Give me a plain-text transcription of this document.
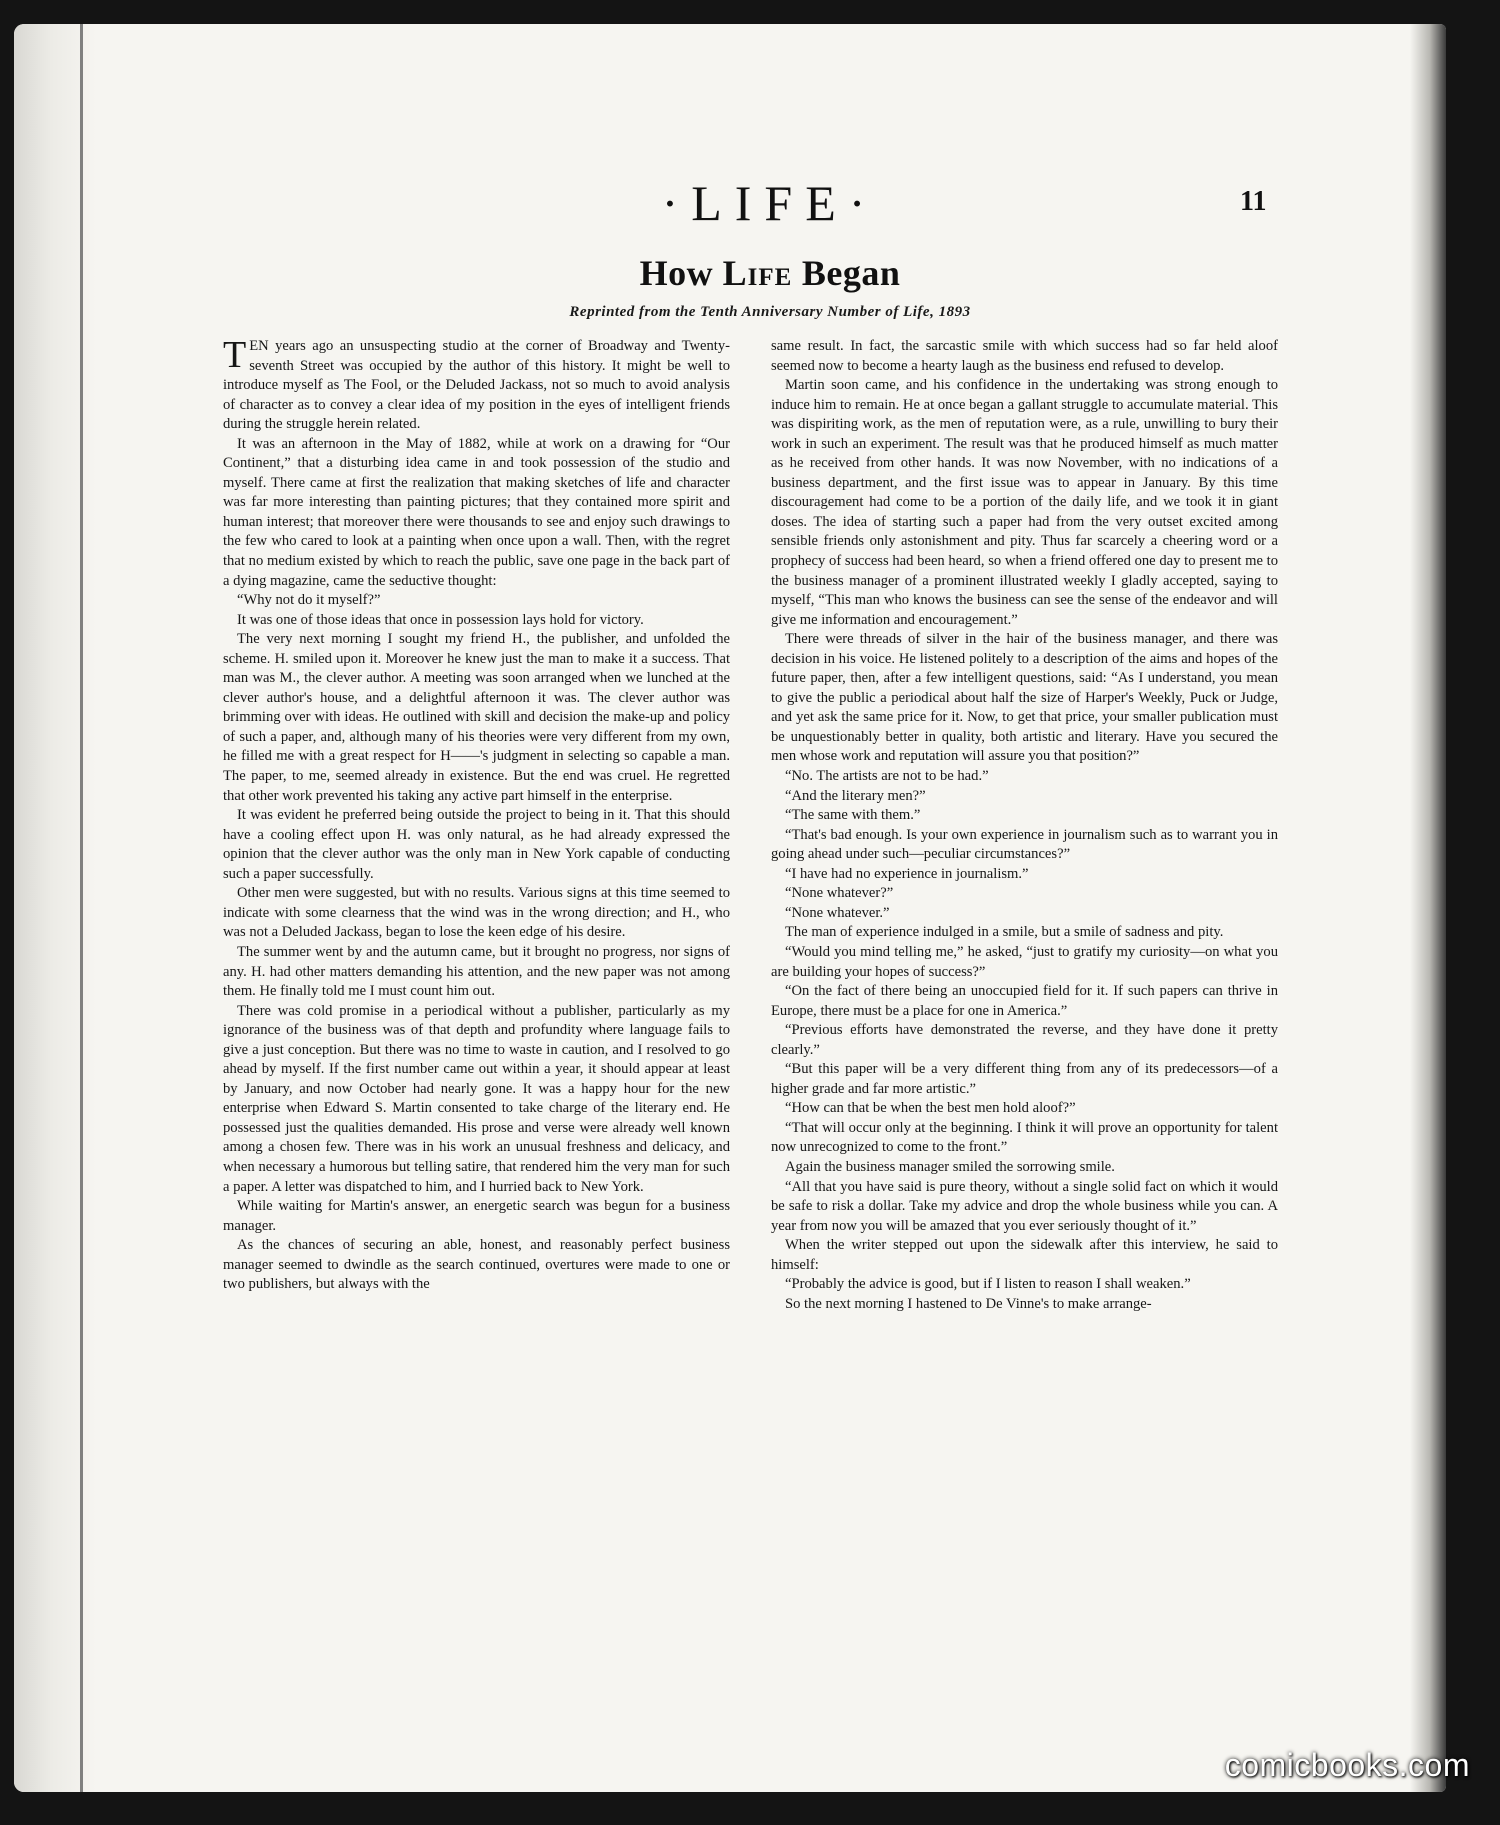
·LIFE·	11
How Life Began
Reprinted from the Tenth Anniversary Number of Life, 1893

TEN years ago an unsuspecting studio at the corner of Broadway and Twenty-seventh Street was occupied by the author of this history. It might be well to introduce myself as The Fool, or the Deluded Jackass, not so much to avoid analysis of character as to convey a clear idea of my position in the eyes of intelligent friends during the struggle herein related.

It was an afternoon in the May of 1882, while at work on a drawing for “Our Continent,” that a disturbing idea came in and took possession of the studio and myself. There came at first the realization that making sketches of life and character was far more interesting than painting pictures; that they contained more spirit and human interest; that moreover there were thousands to see and enjoy such drawings to the few who cared to look at a painting when once upon a wall. Then, with the regret that no medium existed by which to reach the public, save one page in the back part of a dying magazine, came the seductive thought:

“Why not do it myself?”

It was one of those ideas that once in possession lays hold for victory.

The very next morning I sought my friend H., the publisher, and unfolded the scheme. H. smiled upon it. Moreover he knew just the man to make it a success. That man was M., the clever author. A meeting was soon arranged when we lunched at the clever author's house, and a delightful afternoon it was. The clever author was brimming over with ideas. He outlined with skill and decision the make-up and policy of such a paper, and, although many of his theories were very different from my own, he filled me with a great respect for H——'s judgment in selecting so capable a man. The paper, to me, seemed already in existence. But the end was cruel. He regretted that other work prevented his taking any active part himself in the enterprise.

It was evident he preferred being outside the project to being in it. That this should have a cooling effect upon H. was only natural, as he had already expressed the opinion that the clever author was the only man in New York capable of conducting such a paper successfully.

Other men were suggested, but with no results. Various signs at this time seemed to indicate with some clearness that the wind was in the wrong direction; and H., who was not a Deluded Jackass, began to lose the keen edge of his desire.

The summer went by and the autumn came, but it brought no progress, nor signs of any. H. had other matters demanding his attention, and the new paper was not among them. He finally told me I must count him out.

There was cold promise in a periodical without a publisher, particularly as my ignorance of the business was of that depth and profundity where language fails to give a just conception. But there was no time to waste in caution, and I resolved to go ahead by myself. If the first number came out within a year, it should appear at least by January, and now October had nearly gone. It was a happy hour for the new enterprise when Edward S. Martin consented to take charge of the literary end. He possessed just the qualities demanded. His prose and verse were already well known among a chosen few. There was in his work an unusual freshness and delicacy, and when necessary a humorous but telling satire, that rendered him the very man for such a paper. A letter was dispatched to him, and I hurried back to New York.

While waiting for Martin's answer, an energetic search was begun for a business manager.

As the chances of securing an able, honest, and reasonably perfect business manager seemed to dwindle as the search continued, overtures were made to one or two publishers, but always with the

same result. In fact, the sarcastic smile with which success had so far held aloof seemed now to become a hearty laugh as the business end refused to develop.

Martin soon came, and his confidence in the undertaking was strong enough to induce him to remain. He at once began a gallant struggle to accumulate material. This was dispiriting work, as the men of reputation were, as a rule, unwilling to bury their work in such an experiment. The result was that he produced himself as much matter as he received from other hands. It was now November, with no indications of a business department, and the first issue was to appear in January. By this time discouragement had come to be a portion of the daily life, and we took it in giant doses. The idea of starting such a paper had from the very outset excited among sensible friends only astonishment and pity. Thus far scarcely a cheering word or a prophecy of success had been heard, so when a friend offered one day to present me to the business manager of a prominent illustrated weekly I gladly accepted, saying to myself, “This man who knows the business can see the sense of the endeavor and will give me information and encouragement.”

There were threads of silver in the hair of the business manager, and there was decision in his voice. He listened politely to a description of the aims and hopes of the future paper, then, after a few intelligent questions, said: “As I understand, you mean to give the public a periodical about half the size of Harper's Weekly, Puck or Judge, and yet ask the same price for it. Now, to get that price, your smaller publication must be unquestionably better in quality, both artistic and literary. Have you secured the men whose work and reputation will assure you that position?”

“No. The artists are not to be had.”

“And the literary men?”

“The same with them.”

“That's bad enough. Is your own experience in journalism such as to warrant you in going ahead under such—peculiar circumstances?”

“I have had no experience in journalism.”

“None whatever?”

“None whatever.”

The man of experience indulged in a smile, but a smile of sadness and pity.

“Would you mind telling me,” he asked, “just to gratify my curiosity—on what you are building your hopes of success?”

“On the fact of there being an unoccupied field for it. If such papers can thrive in Europe, there must be a place for one in America.”

“Previous efforts have demonstrated the reverse, and they have done it pretty clearly.”

“But this paper will be a very different thing from any of its predecessors—of a higher grade and far more artistic.”

“How can that be when the best men hold aloof?”

“That will occur only at the beginning. I think it will prove an opportunity for talent now unrecognized to come to the front.”

Again the business manager smiled the sorrowing smile.

“All that you have said is pure theory, without a single solid fact on which it would be safe to risk a dollar. Take my advice and drop the whole business while you can. A year from now you will be amazed that you ever seriously thought of it.”

When the writer stepped out upon the sidewalk after this interview, he said to himself:

“Probably the advice is good, but if I listen to reason I shall weaken.”

So the next morning I hastened to De Vinne's to make arrange-

comicbooks.com
